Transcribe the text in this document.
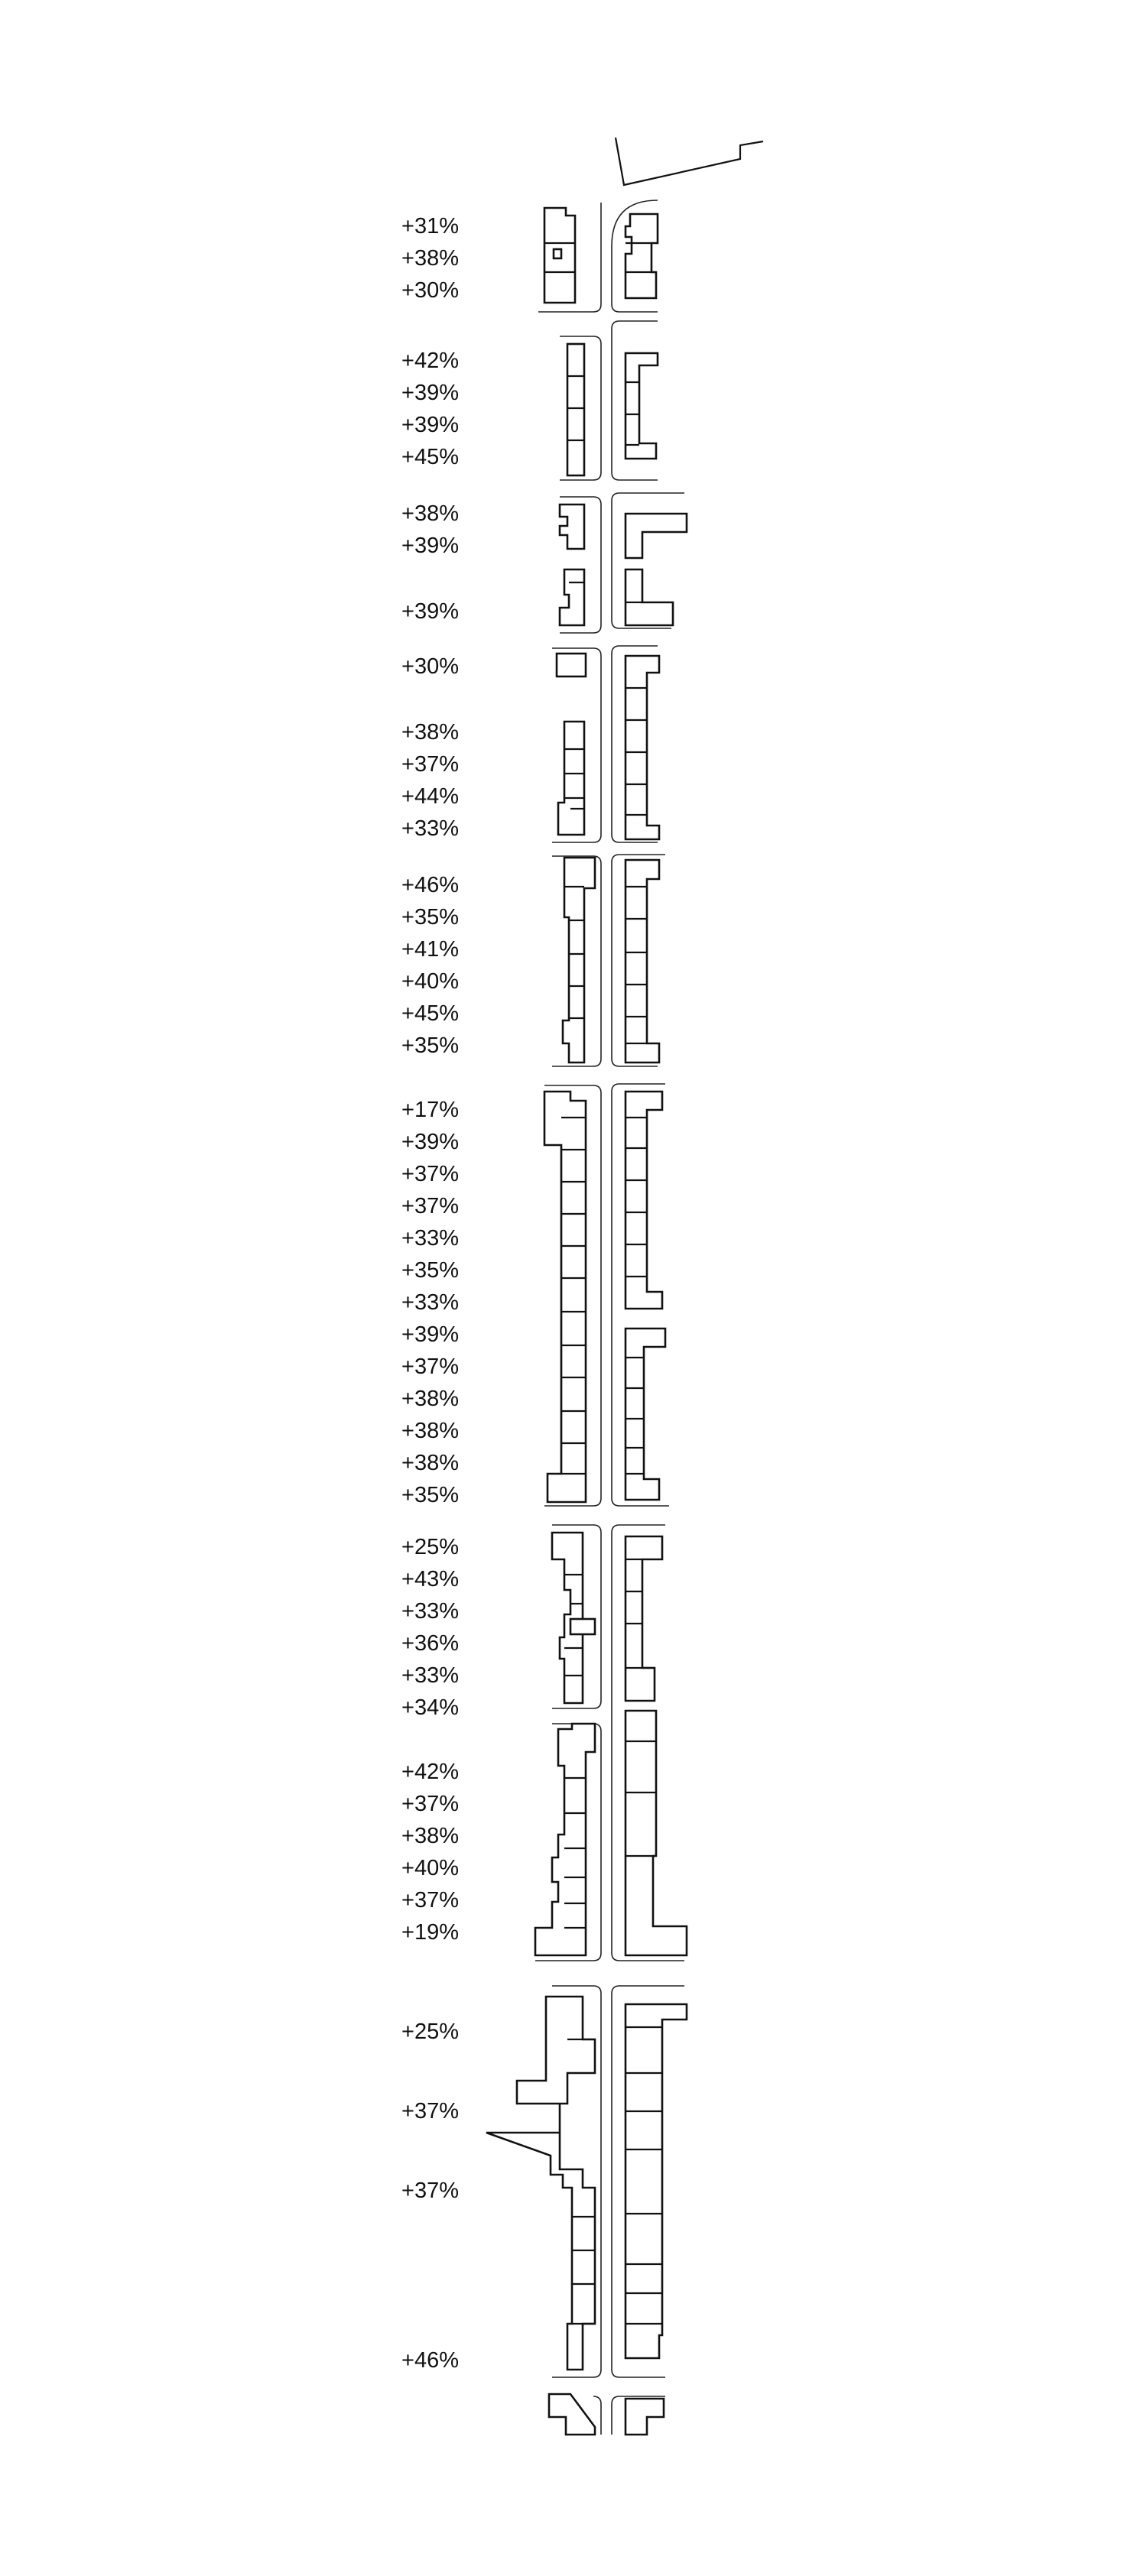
+31%
+38%
+30%
+42%
+39%
+39%
+45%
+38%
+39%
+39%
+30%
+38%
+37%
+44%
+33%
+46%
+35%
+41%
+40%
+45%
+35%
+17%
+39%
+37%
+37%
+33%
+35%
+33%
+39%
+37%
+38%
+38%
+38%
+35%
+25%
+43%
+33%
+36%
+33%
+34%
+42%
+37%
+38%
+40%
+37%
+19%
+25%
+37%
+37%
+46%
